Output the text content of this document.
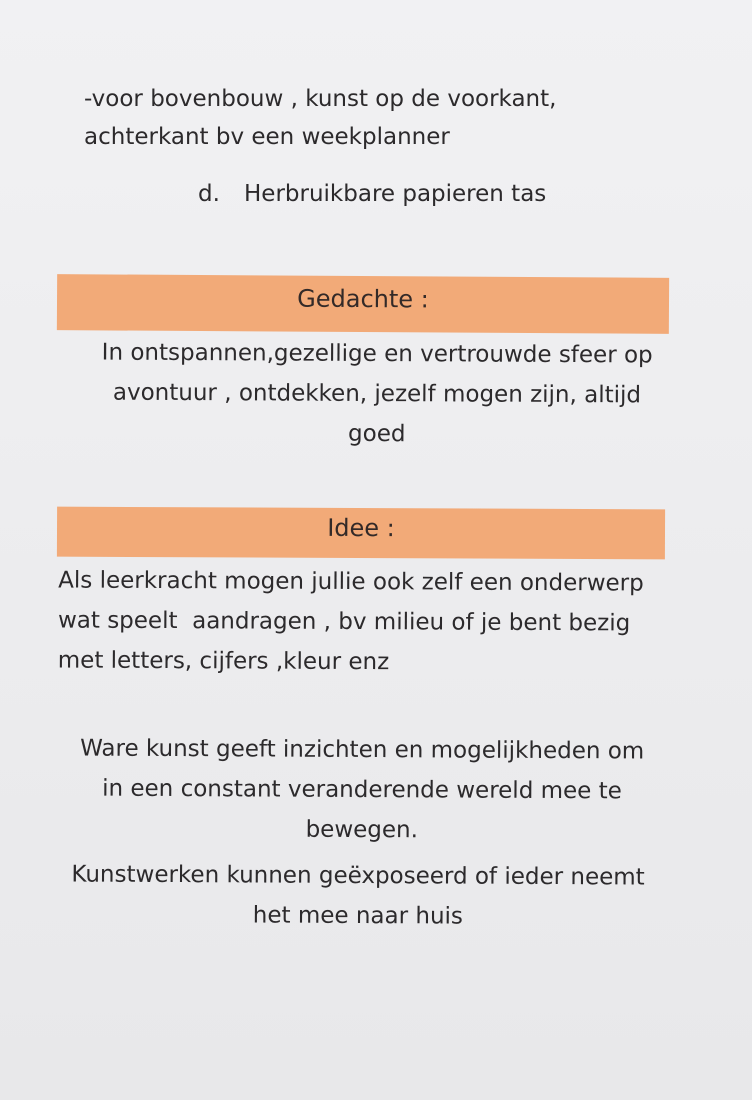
-voor bovenbouw , kunst op de voorkant,
achterkant bv een weekplanner
d. Herbruikbare papieren tas
Gedachte :
In ontspannen,gezellige en vertrouwde sfeer op
avontuur , ontdekken, jezelf mogen zijn, altijd
goed
Idee :
Als leerkracht mogen jullie ook zelf een onderwerp
wat speelt  aandragen , bv milieu of je bent bezig
met letters, cijfers ,kleur enz
Ware kunst geeft inzichten en mogelijkheden om
in een constant veranderende wereld mee te
bewegen.
Kunstwerken kunnen geëxposeerd of ieder neemt
het mee naar huis
